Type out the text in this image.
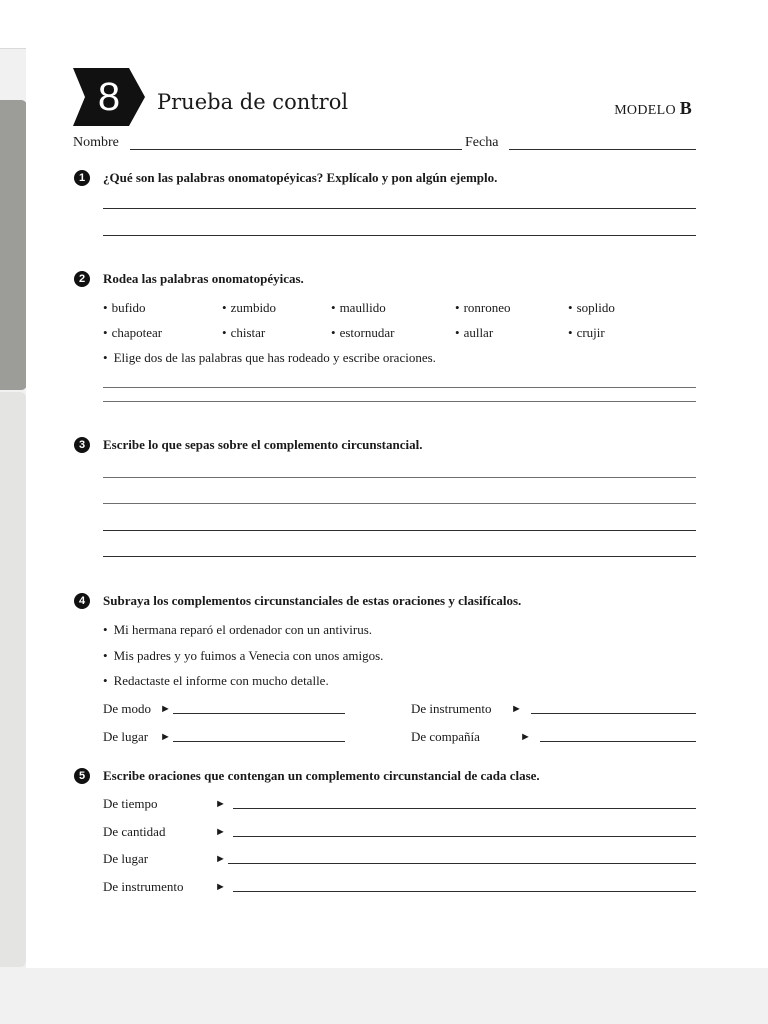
8	Prueba de control	MODELO B
Nombre	Fecha
1	¿Qué son las palabras onomatopéyicas? Explícalo y pon algún ejemplo.
2	Rodea las palabras onomatopéyicas.
• bufido	• zumbido	• maullido	• ronroneo	• soplido
• chapotear	• chistar	• estornudar	• aullar	• crujir
• Elige dos de las palabras que has rodeado y escribe oraciones.
3	Escribe lo que sepas sobre el complemento circunstancial.
4	Subraya los complementos circunstanciales de estas oraciones y clasifícalos.
• Mi hermana reparó el ordenador con un antivirus.
• Mis padres y yo fuimos a Venecia con unos amigos.
• Redactaste el informe con mucho detalle.
De modo ►	De instrumento ►
De lugar ►	De compañía	►
5	Escribe oraciones que contengan un complemento circunstancial de cada clase.
De tiempo	►
De cantidad	►
De lugar	►
De instrumento	►
